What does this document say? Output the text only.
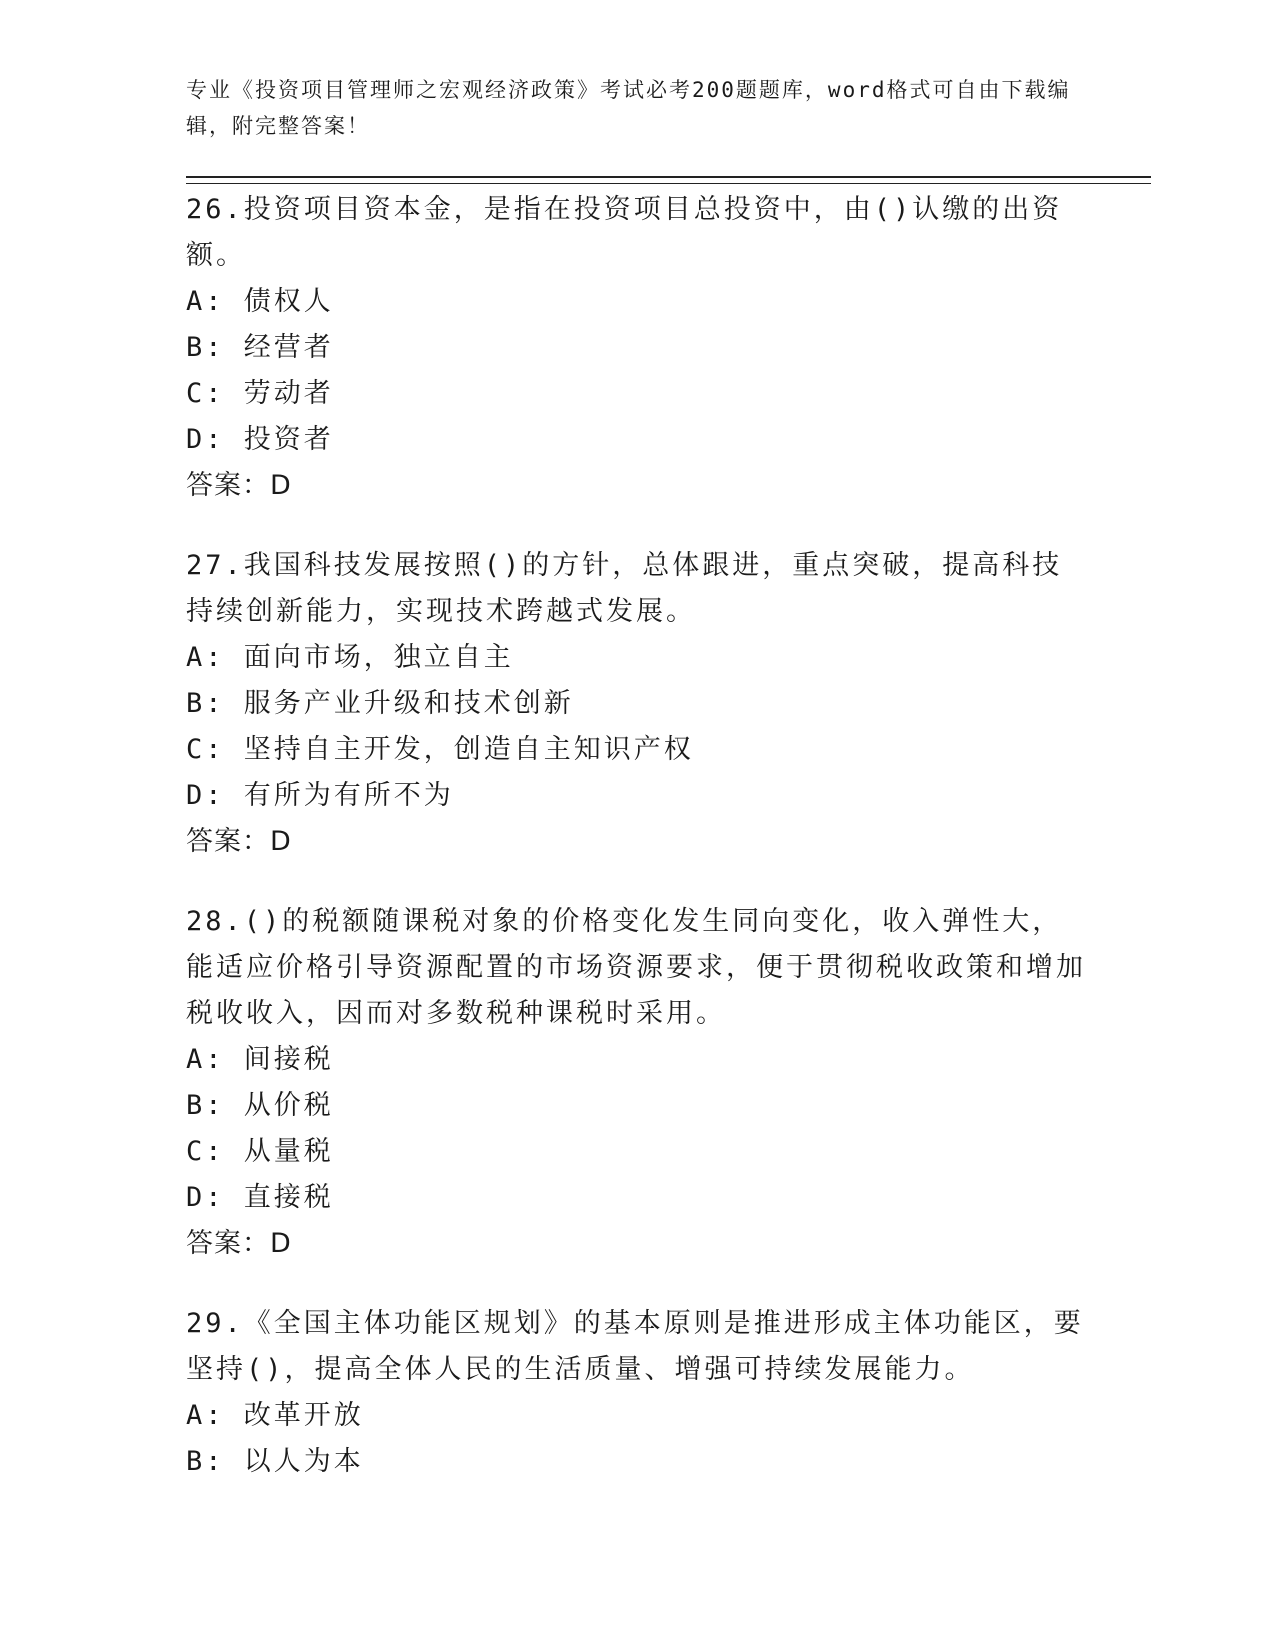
专业《投资项目管理师之宏观经济政策》考试必考200题题库，word格式可自由下载编辑，附完整答案！

26.投资项目资本金，是指在投资项目总投资中，由()认缴的出资额。

A: 债权人

B: 经营者

C: 劳动者

D: 投资者

答案：D

27.我国科技发展按照()的方针，总体跟进，重点突破，提高科技持续创新能力，实现技术跨越式发展。

A: 面向市场，独立自主

B: 服务产业升级和技术创新

C: 坚持自主开发，创造自主知识产权

D: 有所为有所不为

答案：D

28.()的税额随课税对象的价格变化发生同向变化，收入弹性大，能适应价格引导资源配置的市场资源要求，便于贯彻税收政策和增加税收收入，因而对多数税种课税时采用。

A: 间接税

B: 从价税

C: 从量税

D: 直接税

答案：D

29.《全国主体功能区规划》的基本原则是推进形成主体功能区，要坚持()，提高全体人民的生活质量、增强可持续发展能力。

A: 改革开放

B: 以人为本
